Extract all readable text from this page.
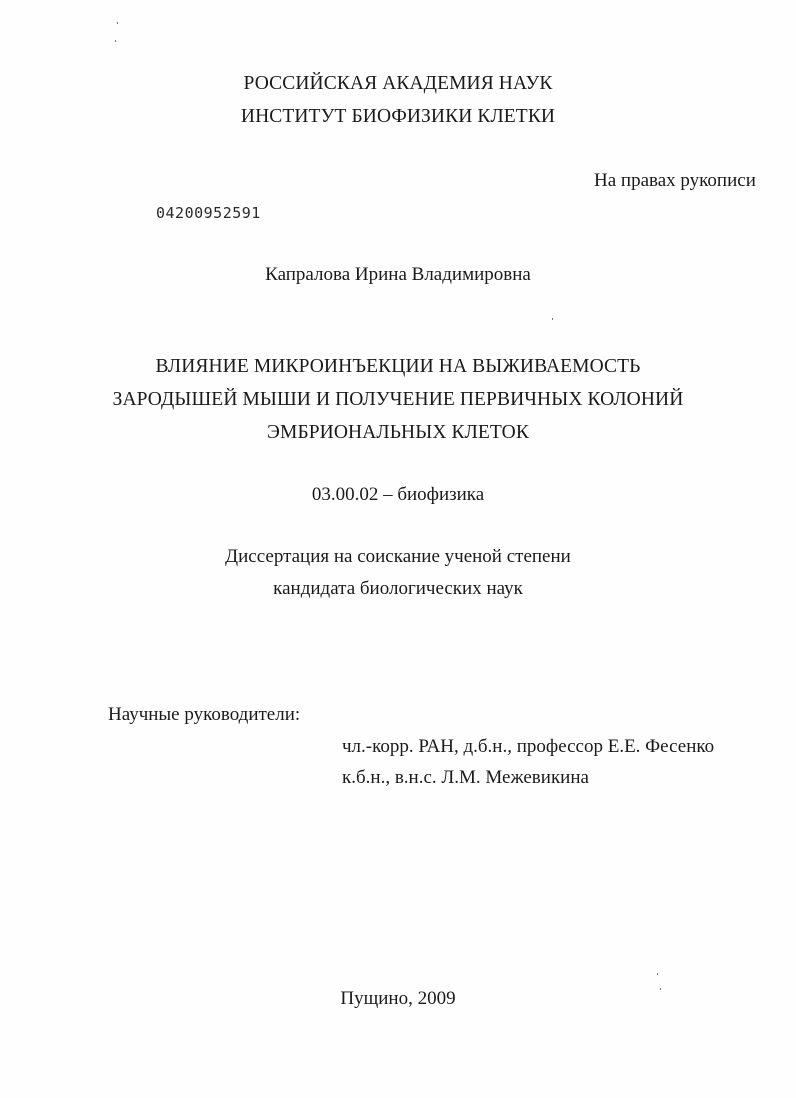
РОССИЙСКАЯ АКАДЕМИЯ НАУК
ИНСТИТУТ БИОФИЗИКИ КЛЕТКИ
На правах рукописи
04200952591
Капралова Ирина Владимировна
ВЛИЯНИЕ МИКРОИНЪЕКЦИИ НА ВЫЖИВАЕМОСТЬ
ЗАРОДЫШЕЙ МЫШИ И ПОЛУЧЕНИЕ ПЕРВИЧНЫХ КОЛОНИЙ
ЭМБРИОНАЛЬНЫХ КЛЕТОК
03.00.02 – биофизика
Диссертация на соискание ученой степени
кандидата биологических наук
Научные руководители:
чл.-корр. РАН, д.б.н., профессор Е.Е. Фесенко
к.б.н., в.н.с. Л.М. Межевикина
Пущино, 2009
